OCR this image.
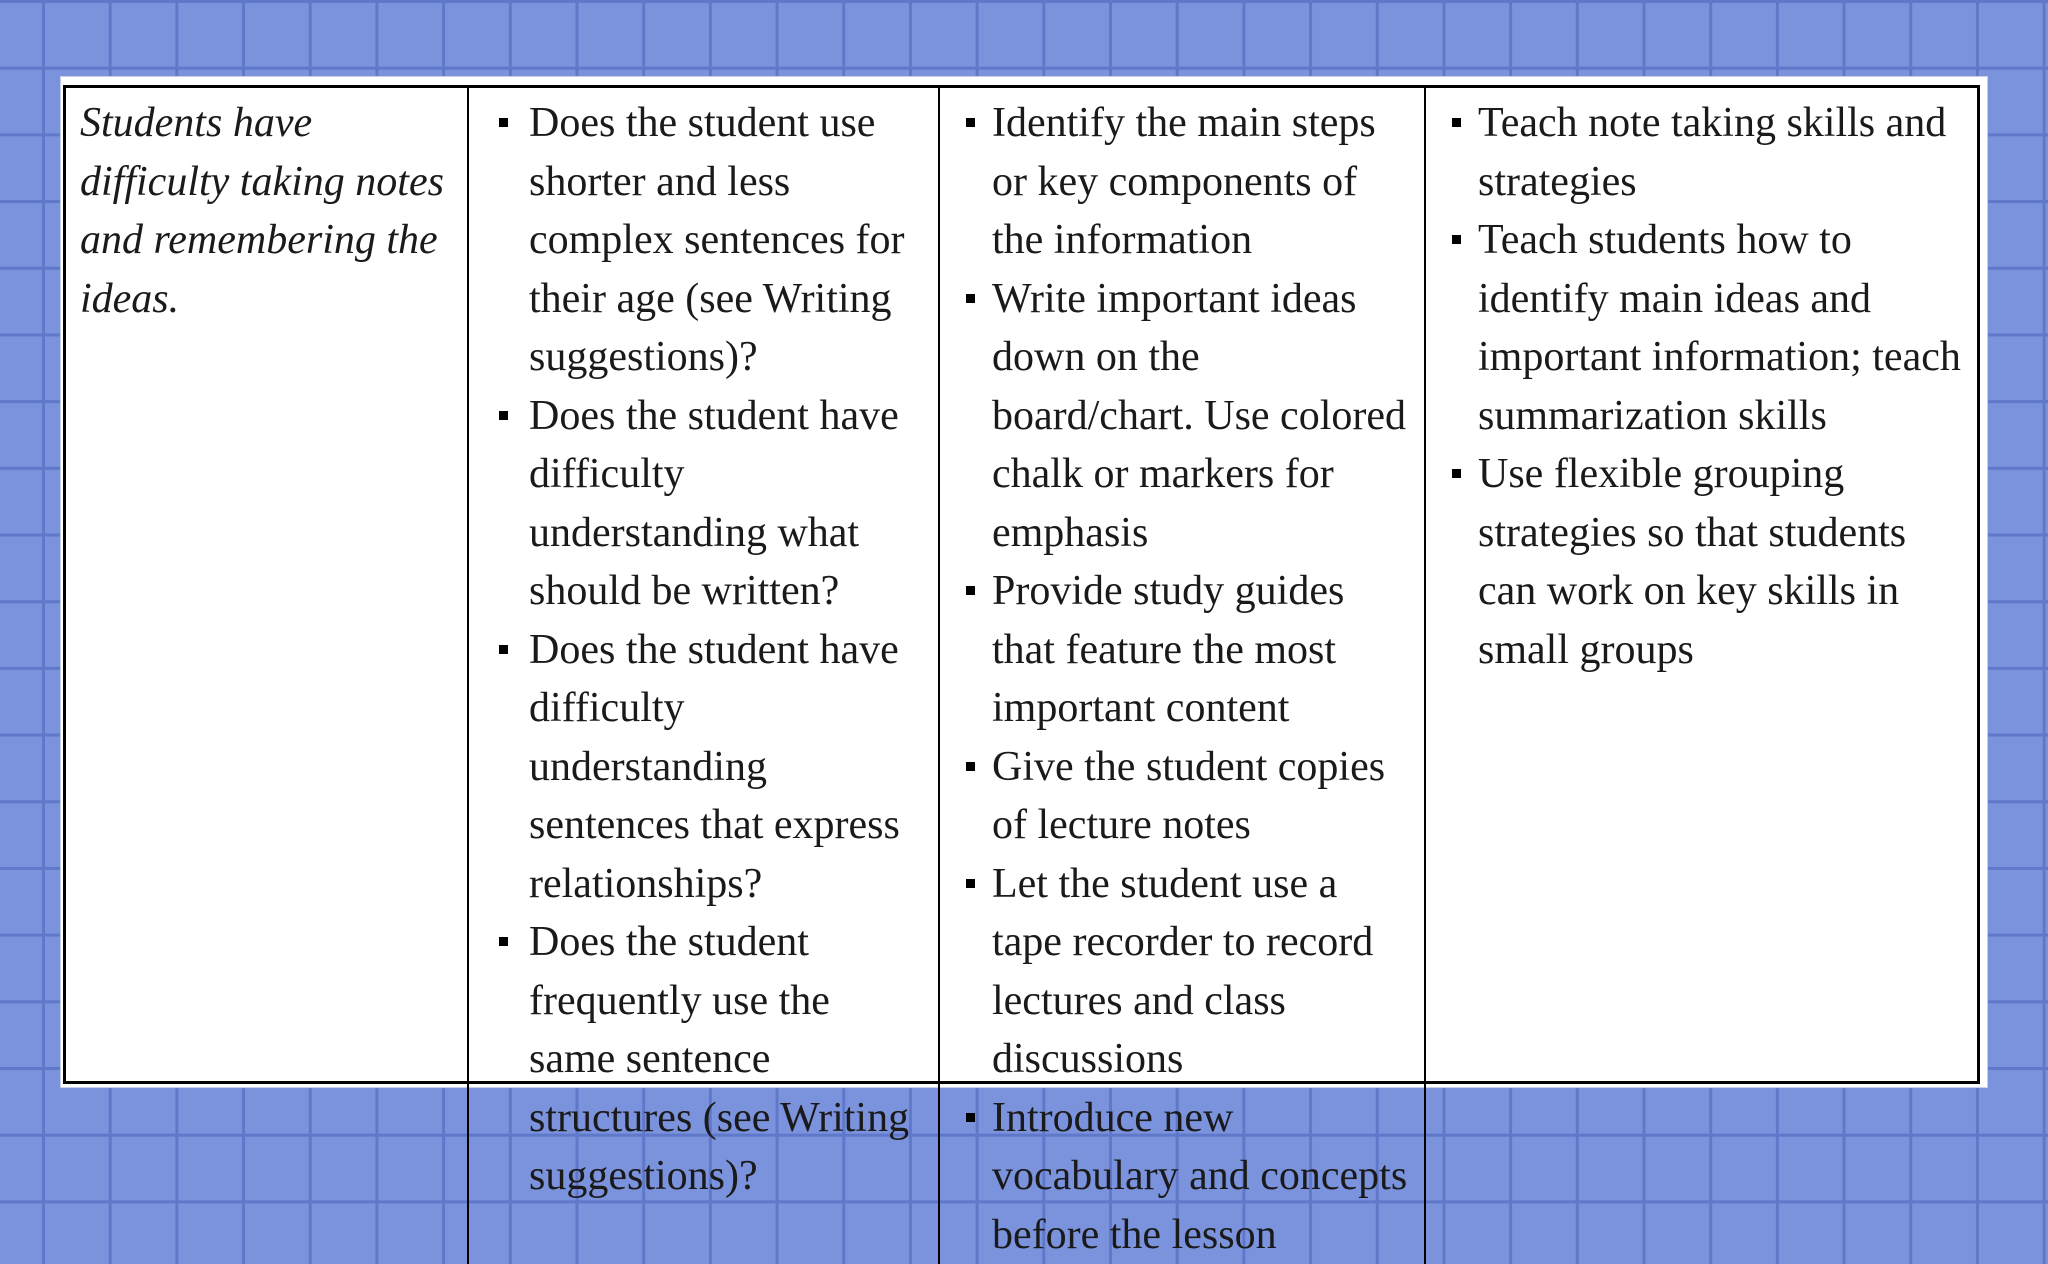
Students have difficulty taking notes and remembering the ideas.
Does the student use shorter and less complex sentences for their age (see Writing suggestions)?
Does the student have difficulty understanding what should be written?
Does the student have difficulty understanding sentences that express relationships?
Does the student frequently use the same sentence structures (see Writing suggestions)?
Identify the main steps or key components of the information
Write important ideas down on the board/chart. Use colored chalk or markers for emphasis
Provide study guides that feature the most important content
Give the student copies of lecture notes
Let the student use a tape recorder to record lectures and class discussions
Introduce new vocabulary and concepts before the lesson
Teach note taking skills and strategies
Teach students how to identify main ideas and important information; teach summarization skills
Use flexible grouping strategies so that students can work on key skills in small groups
